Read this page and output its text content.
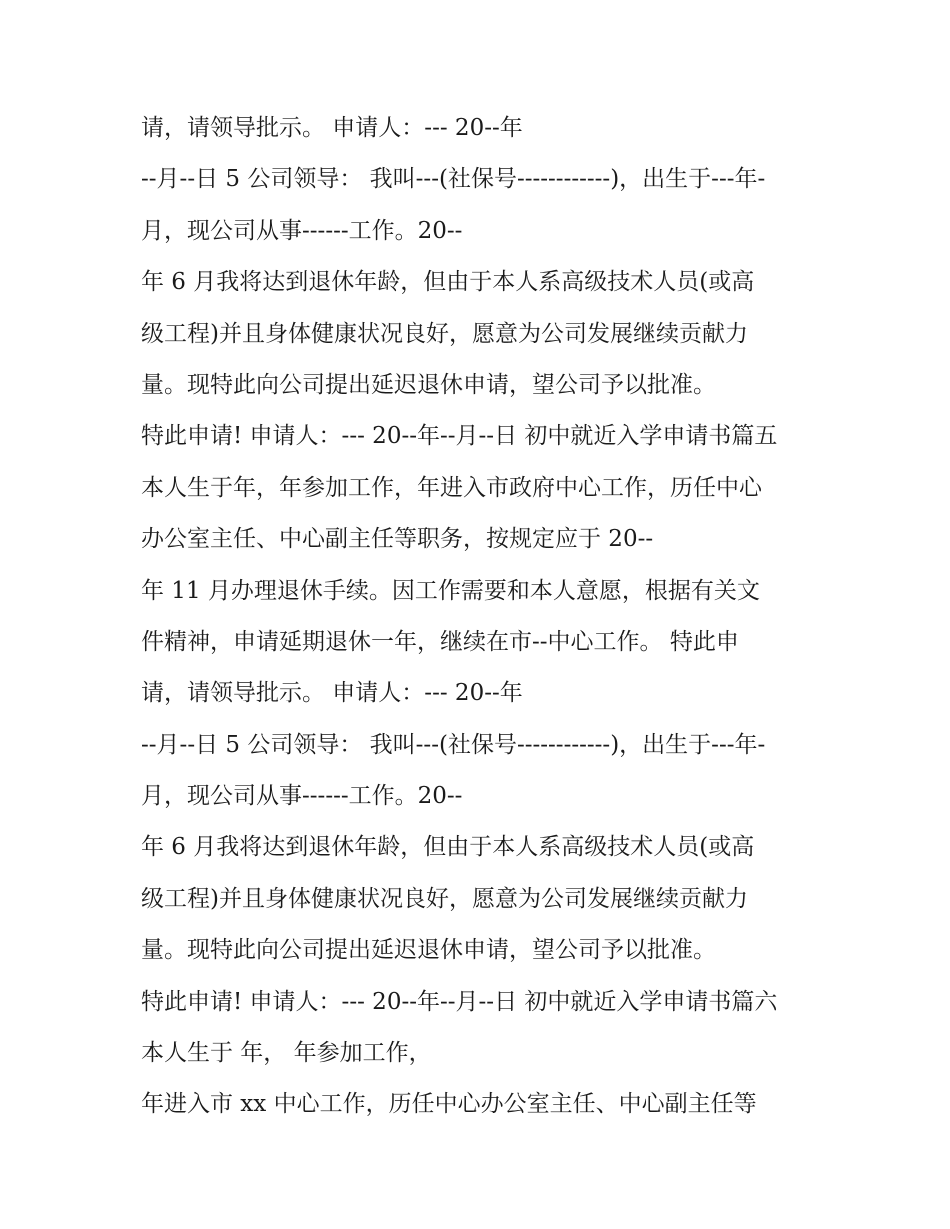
请，请领导批示。 申请人：--- 20--年
--月--日 5 公司领导： 我叫---(社保号------------)，出生于---年-
月，现公司从事------工作。20--
年 6 月我将达到退休年龄，但由于本人系高级技术人员(或高
级工程)并且身体健康状况良好，愿意为公司发展继续贡献力
量。现特此向公司提出延迟退休申请，望公司予以批准。
特此申请! 申请人：--- 20--年--月--日 初中就近入学申请书篇五
本人生于年，年参加工作，年进入市政府中心工作，历任中心
办公室主任、中心副主任等职务，按规定应于 20--
年 11 月办理退休手续。因工作需要和本人意愿，根据有关文
件精神，申请延期退休一年，继续在市--中心工作。 特此申
请，请领导批示。 申请人：--- 20--年
--月--日 5 公司领导： 我叫---(社保号------------)，出生于---年-
月，现公司从事------工作。20--
年 6 月我将达到退休年龄，但由于本人系高级技术人员(或高
级工程)并且身体健康状况良好，愿意为公司发展继续贡献力
量。现特此向公司提出延迟退休申请，望公司予以批准。
特此申请! 申请人：--- 20--年--月--日 初中就近入学申请书篇六
本人生于 年， 年参加工作，
年进入市 xx 中心工作，历任中心办公室主任、中心副主任等
